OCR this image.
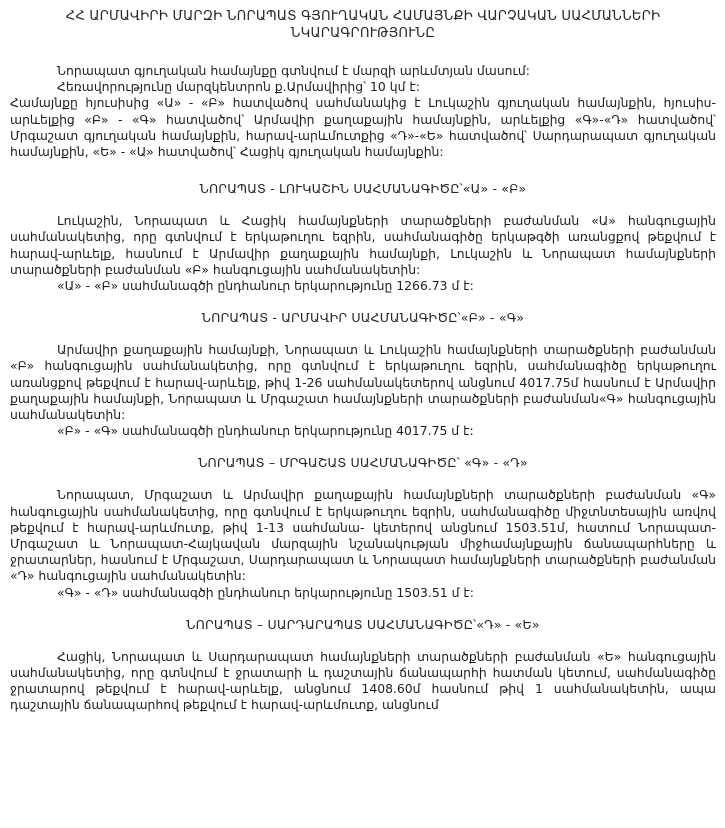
ՀՀ ԱՐՄԱՎԻՐԻ ՄԱՐԶԻ ՆՈՐԱՊԱՏ ԳՅՈՒՂԱԿԱՆ ՀԱՄԱՅՆՔԻ ՎԱՐՉԱԿԱՆ ՍԱՀՄԱՆՆԵՐԻ
ՆԿԱՐԱԳՐՈՒԹՅՈՒՆԸ

Նորապատ գյուղական համայնքը գտնվում է մարզի արևմտյան մասում:

Հեռավորությունը մարզկենտրոն ք.Արմավիրից՝ 10 կմ է:

Համայնքը հյուսիսից «Ա» - «Բ» հատվածով սահմանակից է Լուկաշին գյուղական համայնքին, հյուսիս-արևելքից «Բ» - «Գ» հատվածով՝ Արմավիր քաղաքային համայնքին, արևելքից «Գ»-«Դ» հատվածով՝ Մրգաշատ գյուղական համայնքին, հարավ-արևմուտքից «Դ»-«Ե» հատվածով՝ Սարդարապատ գյուղական համայնքին, «Ե» - «Ա» հատվածով՝ Հացիկ գյուղական համայնքին:

ՆՈՐԱՊԱՏ - ԼՈՒԿԱՇԻՆ ՍԱՀՄԱՆԱԳԻԾԸ՝«Ա» - «Բ»

Լուկաշին, Նորապատ և Հացիկ համայնքների տարածքների բաժանման «Ա» հանգուցային սահմանակետից, որը գտնվում է երկաթուղու եզրին, սահմանագիծը երկաթգծի առանցքով թեքվում է հարավ-արևելք, հասնում է Արմավիր քաղաքային համայնքի, Լուկաշին և Նորապատ համայնքների տարածքների բաժանման «Բ» հանգուցային սահմանակետին:

«Ա» - «Բ» սահմանագծի ընդհանուր երկարությունը 1266.73 մ է:
ՆՈՐԱՊԱՏ - ԱՐՄԱՎԻՐ ՍԱՀՄԱՆԱԳԻԾԸ՝«Բ» - «Գ»

Արմավիր քաղաքային համայնքի, Նորապատ և Լուկաշին համայնքների տարածքների բաժանման «Բ» հանգուցային սահմանակետից, որը գտնվում է երկաթուղու եզրին, սահմանագիծը երկաթուղու առանցքով թեքվում է հարավ-արևելք, թիվ 1-26 սահմանակետերով անցնում 4017.75մ հասնում է Արմավիր քաղաքային համայնքի, Նորապատ և Մրգաշատ համայնքների տարածքների բաժանման«Գ» հանգուցային սահմանակետին:

«Բ» - «Գ» սահմանագծի ընդհանուր երկարությունը 4017.75 մ է:
ՆՈՐԱՊԱՏ – ՄՐԳԱՇԱՏ ՍԱՀՄԱՆԱԳԻԾԸ՝ «Գ» - «Դ»

Նորապատ, Մրգաշատ և Արմավիր քաղաքային համայնքների տարածքների բաժանման «Գ» հանգուցային սահմանակետից, որը գտնվում է երկաթուղու եզրին, սահմանագիծը միջտնտեսային առվով թեքվում է հարավ-արևմուտք, թիվ 1-13 սահմանա- կետերով անցնում 1503.51մ, հատում Նորապատ-Մրգաշատ և Նորապատ-Հայկավան մարզային նշանակության միջհամայնքային ճանապարհները և ջրատարներ, հասնում է Մրգաշատ, Սարդարապատ և Նորապատ համայնքների տարածքների բաժանման «Դ» հանգուցային սահմանակետին:

«Գ» - «Դ» սահմանագծի ընդհանուր երկարությունը 1503.51 մ է:
ՆՈՐԱՊԱՏ – ՍԱՐԴԱՐԱՊԱՏ ՍԱՀՄԱՆԱԳԻԾԸ՝«Դ» - «Ե»

Հացիկ, Նորապատ և Սարդարապատ համայնքների տարածքների բաժանման «Ե» հանգուցային սահմանակետից, որը գտնվում է ջրատարի և դաշտային ճանապարհի հատման կետում, սահմանագիծը ջրատարով թեքվում է հարավ-արևելք, անցնում 1408.60մ հասնում թիվ 1 սահմանակետին, ապա դաշտային ճանապարհով թեքվում է հարավ-արևմուտք, անցնում
